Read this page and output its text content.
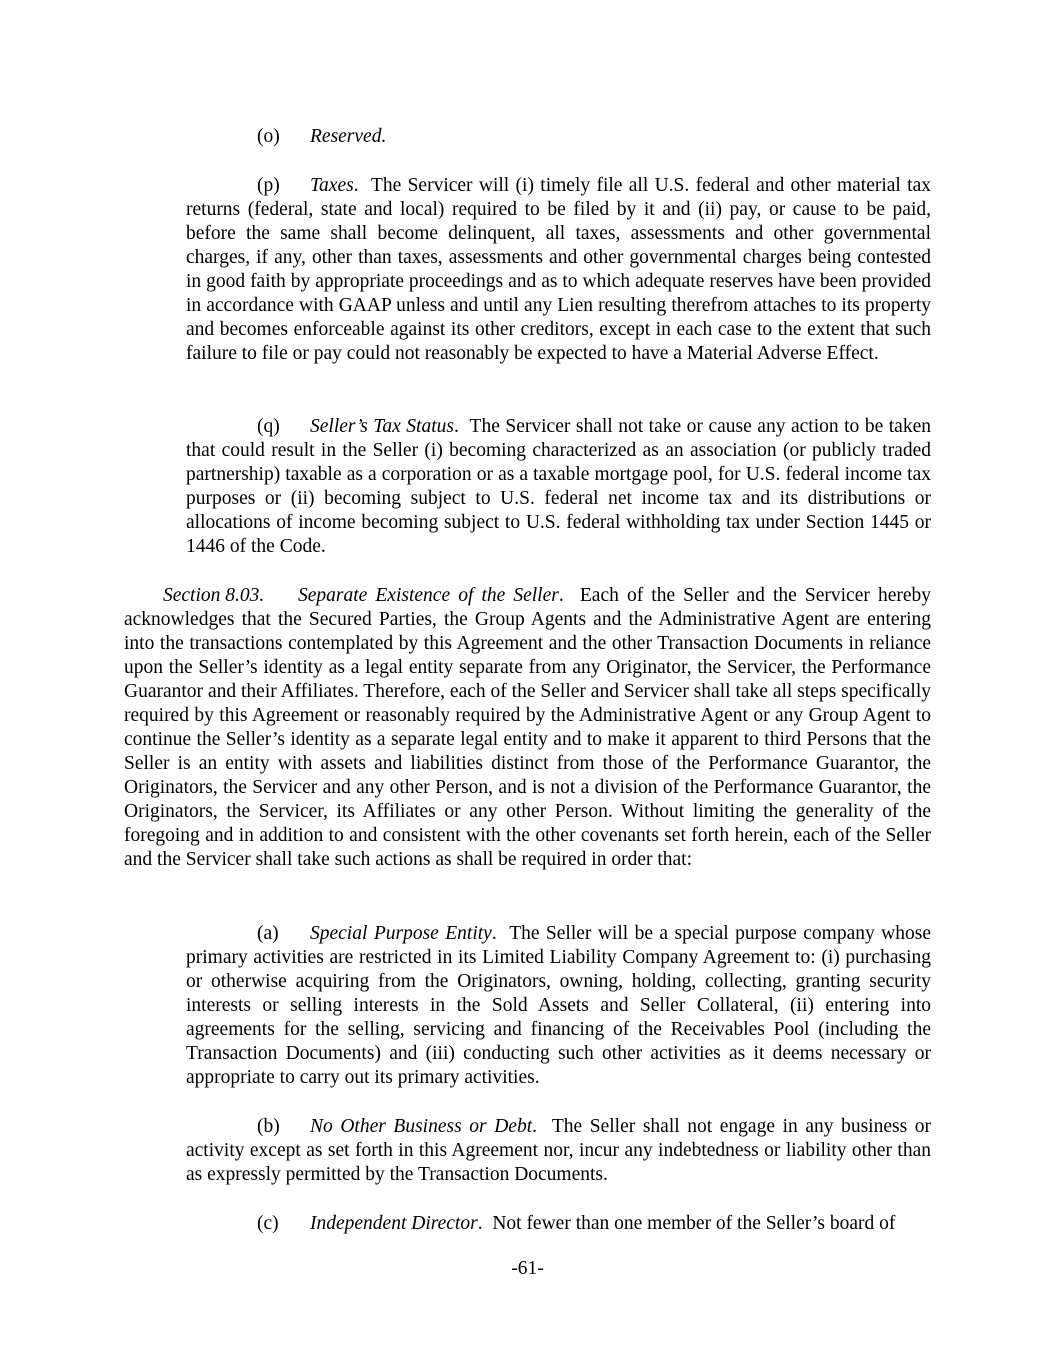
(o) Reserved.

(p) Taxes.  The Servicer will (i) timely file all U.S. federal and other material tax returns (federal, state and local) required to be filed by it and (ii) pay, or cause to be paid, before the same shall become delinquent, all taxes, assessments and other governmental charges, if any, other than taxes, assessments and other governmental charges being contested in good faith by appropriate proceedings and as to which adequate reserves have been provided in accordance with GAAP unless and until any Lien resulting therefrom attaches to its property and becomes enforceable against its other creditors, except in each case to the extent that such failure to file or pay could not reasonably be expected to have a Material Adverse Effect.

(q) Seller’s Tax Status.  The Servicer shall not take or cause any action to be taken that could result in the Seller (i) becoming characterized as an association (or publicly traded partnership) taxable as a corporation or as a taxable mortgage pool, for U.S. federal income tax purposes or (ii) becoming subject to U.S. federal net income tax and its distributions or allocations of income becoming subject to U.S. federal withholding tax under Section 1445 or 1446 of the Code.

Section 8.03. Separate Existence of the Seller.  Each of the Seller and the Servicer hereby acknowledges that the Secured Parties, the Group Agents and the Administrative Agent are entering into the transactions contemplated by this Agreement and the other Transaction Documents in reliance upon the Seller’s identity as a legal entity separate from any Originator, the Servicer, the Performance Guarantor and their Affiliates. Therefore, each of the Seller and Servicer shall take all steps specifically required by this Agreement or reasonably required by the Administrative Agent or any Group Agent to continue the Seller’s identity as a separate legal entity and to make it apparent to third Persons that the Seller is an entity with assets and liabilities distinct from those of the Performance Guarantor, the Originators, the Servicer and any other Person, and is not a division of the Performance Guarantor, the Originators, the Servicer, its Affiliates or any other Person. Without limiting the generality of the foregoing and in addition to and consistent with the other covenants set forth herein, each of the Seller and the Servicer shall take such actions as shall be required in order that:

(a) Special Purpose Entity.  The Seller will be a special purpose company whose primary activities are restricted in its Limited Liability Company Agreement to: (i) purchasing or otherwise acquiring from the Originators, owning, holding, collecting, granting security interests or selling interests in the Sold Assets and Seller Collateral, (ii) entering into agreements for the selling, servicing and financing of the Receivables Pool (including the Transaction Documents) and (iii) conducting such other activities as it deems necessary or appropriate to carry out its primary activities.

(b) No Other Business or Debt.  The Seller shall not engage in any business or activity except as set forth in this Agreement nor, incur any indebtedness or liability other than as expressly permitted by the Transaction Documents.

(c) Independent Director.  Not fewer than one member of the Seller’s board of

-61-
